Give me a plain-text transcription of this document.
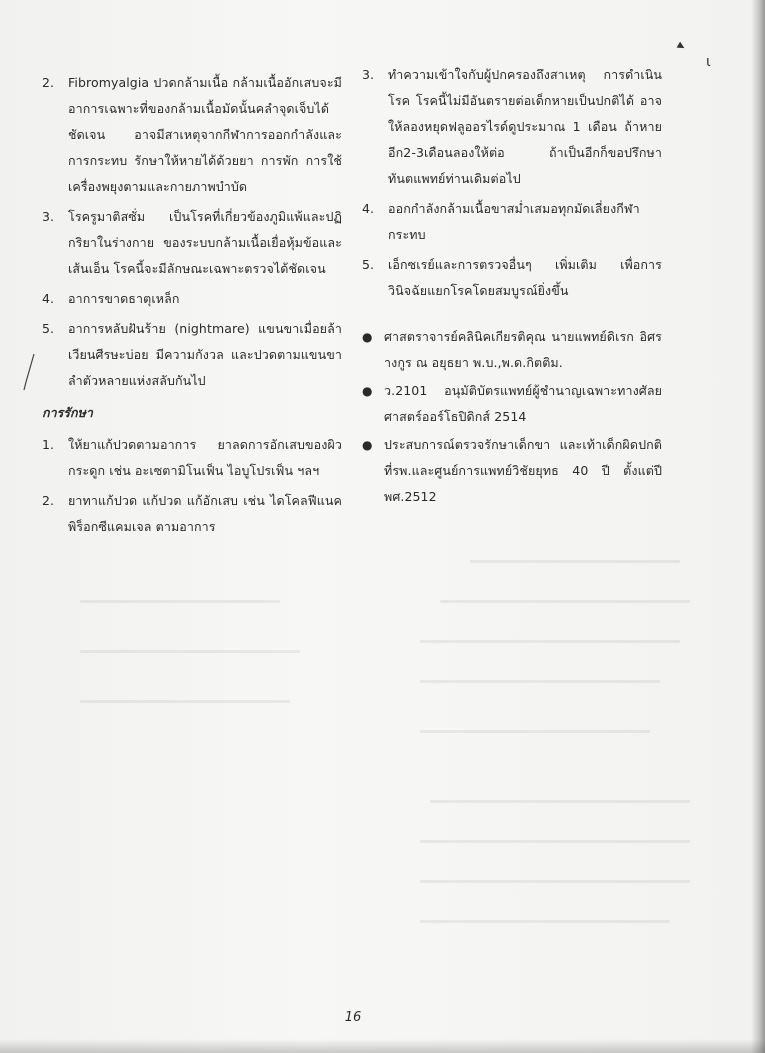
▸
ɩ
2.	Fibromyalgia ปวดกล้ามเนื้อ กล้ามเนื้ออักเสบจะมีอาการเฉพาะที่ของกล้ามเนื้อมัดนั้นคลำจุดเจ็บได้ชัดเจน อาจมีสาเหตุจากกีฬาการออกกำลังและการกระทบ รักษาให้หายได้ด้วยยา การพัก การใช้เครื่องพยุงตามและกายภาพบำบัด
3.	โรครูมาติสซั่ม เป็นโรคที่เกี่ยวข้องภูมิแพ้และปฏิกริยาในร่างกาย ของระบบกล้ามเนื้อเยื่อหุ้มข้อและเส้นเอ็น โรคนี้จะมีลักษณะเฉพาะตรวจได้ชัดเจน
4.	อาการขาดธาตุเหล็ก
5.	อาการหลับฝันร้าย (nightmare) แขนขาเมื่อยล้าเวียนศีรษะบ่อย มีความกังวล และปวดตามแขนขาลำตัวหลายแห่งสลับกันไป
การรักษา
1.	ให้ยาแก้ปวดตามอาการ ยาลดการอักเสบของผิวกระดูก เช่น อะเซตามิโนเฟ็น ไอบูโปรเฟ็น ฯลฯ
2.	ยาทาแก้ปวด แก้ปวด แก้อักเสบ เช่น ไดโคลฟีแนคพิร็อกซีแคมเจล ตามอาการ
3.	ทำความเข้าใจกับผู้ปกครองถึงสาเหตุ การดำเนินโรค โรคนี้ไม่มีอันตรายต่อเด็กหายเป็นปกติได้ อาจให้ลองหยุดฟลูออรไรด์ดูประมาณ 1 เดือน ถ้าหาย อีก2-3เดือนลองให้ต่อ ถ้าเป็นอีกก็ขอปรึกษาทันตแพทย์ท่านเดิมต่อไป
4.	ออกกำลังกล้ามเนื้อขาสม่ำเสมอทุกมัดเลี่ยงกีฬากระทบ
5.	เอ็กซเรย์และการตรวจอื่นๆ เพิ่มเติม เพื่อการวินิจฉัยแยกโรคโดยสมบูรณ์ยิ่งขึ้น
● ศาสตราจารย์คลินิคเกียรติคุณ นายแพทย์ดิเรก อิศรางกูร ณ อยุธยา พ.บ.,พ.ด.กิตติม.
● ว.2101 อนุมัติบัตรแพทย์ผู้ชำนาญเฉพาะทางศัลยศาสตร์ออร์โธปิดิกส์ 2514
● ประสบการณ์ตรวจรักษาเด็กขา และเท้าเด็กผิดปกติ ที่รพ.และศูนย์การแพทย์วิชัยยุทธ 40 ปี ตั้งแต่ปี พศ.2512
16
